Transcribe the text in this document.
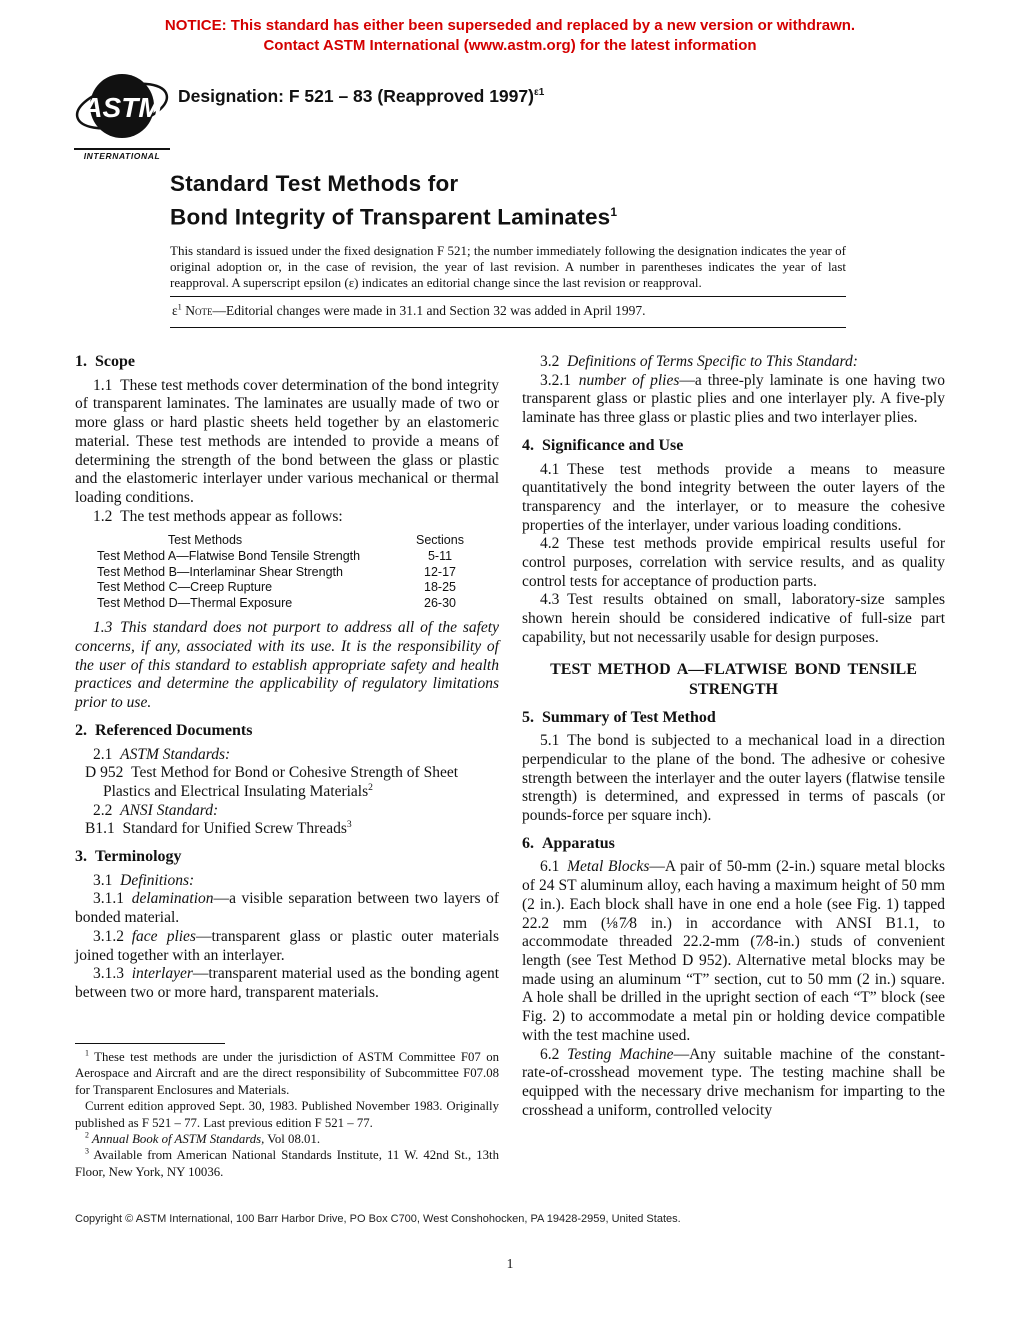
NOTICE: This standard has either been superseded and replaced by a new version or withdrawn.
Contact ASTM International (www.astm.org) for the latest information
ASTM
INTERNATIONAL
Designation: F 521 – 83 (Reapproved 1997)$^{\varepsilon 1}$
Standard Test Methods for
Bond Integrity of Transparent Laminates$^1$
This standard is issued under the fixed designation F 521; the number immediately following the designation indicates the year of original adoption or, in the case of revision, the year of last revision. A number in parentheses indicates the year of last reapproval. A superscript epsilon (ε) indicates an editorial change since the last revision or reapproval.
$\varepsilon^1$ Note—Editorial changes were made in 31.1 and Section 32 was added in April 1997.
1. Scope

1.1 These test methods cover determination of the bond integrity of transparent laminates. The laminates are usually made of two or more glass or hard plastic sheets held together by an elastomeric material. These test methods are intended to provide a means of determining the strength of the bond between the glass or plastic and the elastomeric interlayer under various mechanical or thermal loading conditions.

1.2 The test methods appear as follows:

Test Methods	Sections
Test Method A—Flatwise Bond Tensile Strength	5-11
Test Method B—Interlaminar Shear Strength	12-17
Test Method C—Creep Rupture	18-25
Test Method D—Thermal Exposure	26-30

1.3 This standard does not purport to address all of the safety concerns, if any, associated with its use. It is the responsibility of the user of this standard to establish appropriate safety and health practices and determine the applicability of regulatory limitations prior to use.

2. Referenced Documents

2.1 ASTM Standards:

D 952 Test Method for Bond or Cohesive Strength of Sheet Plastics and Electrical Insulating Materials$^2$

2.2 ANSI Standard:

B1.1 Standard for Unified Screw Threads$^3$

3. Terminology

3.1 Definitions:

3.1.1 delamination—a visible separation between two layers of bonded material.

3.1.2 face plies—transparent glass or plastic outer materials joined together with an interlayer.

3.1.3 interlayer—transparent material used as the bonding agent between two or more hard, transparent materials.

$^1$ These test methods are under the jurisdiction of ASTM Committee F07 on Aerospace and Aircraft and are the direct responsibility of Subcommittee F07.08 for Transparent Enclosures and Materials.

Current edition approved Sept. 30, 1983. Published November 1983. Originally published as F 521 – 77. Last previous edition F 521 – 77.

$^2$ Annual Book of ASTM Standards, Vol 08.01.

$^3$ Available from American National Standards Institute, 11 W. 42nd St., 13th Floor, New York, NY 10036.

3.2 Definitions of Terms Specific to This Standard:

3.2.1 number of plies—a three-ply laminate is one having two transparent glass or plastic plies and one interlayer ply. A five-ply laminate has three glass or plastic plies and two interlayer plies.

4. Significance and Use

4.1 These test methods provide a means to measure quantitatively the bond integrity between the outer layers of the transparency and the interlayer, or to measure the cohesive properties of the interlayer, under various loading conditions.

4.2 These test methods provide empirical results useful for control purposes, correlation with service results, and as quality control tests for acceptance of production parts.

4.3 Test results obtained on small, laboratory-size samples shown herein should be considered indicative of full-size part capability, but not necessarily usable for design purposes.

TEST METHOD A—FLATWISE BOND TENSILE STRENGTH
5. Summary of Test Method

5.1 The bond is subjected to a mechanical load in a direction perpendicular to the plane of the bond. The adhesive or cohesive strength between the interlayer and the outer layers (flatwise tensile strength) is determined, and expressed in terms of pascals (or pounds-force per square inch).

6. Apparatus

6.1 Metal Blocks—A pair of 50-mm (2-in.) square metal blocks of 24 ST aluminum alloy, each having a maximum height of 50 mm (2 in.). Each block shall have in one end a hole (see Fig. 1) tapped 22.2 mm (⅛ 7⁄8 in.) in accordance with ANSI B1.1, to accommodate threaded 22.2-mm (7⁄8-in.) studs of convenient length (see Test Method D 952). Alternative metal blocks may be made using an aluminum “T” section, cut to 50 mm (2 in.) square. A hole shall be drilled in the upright section of each “T” block (see Fig. 2) to accommodate a metal pin or holding device compatible with the test machine used.

6.2 Testing Machine—Any suitable machine of the constant-rate-of-crosshead movement type. The testing machine shall be equipped with the necessary drive mechanism for imparting to the crosshead a uniform, controlled velocity

Copyright © ASTM International, 100 Barr Harbor Drive, PO Box C700, West Conshohocken, PA 19428-2959, United States.
1
